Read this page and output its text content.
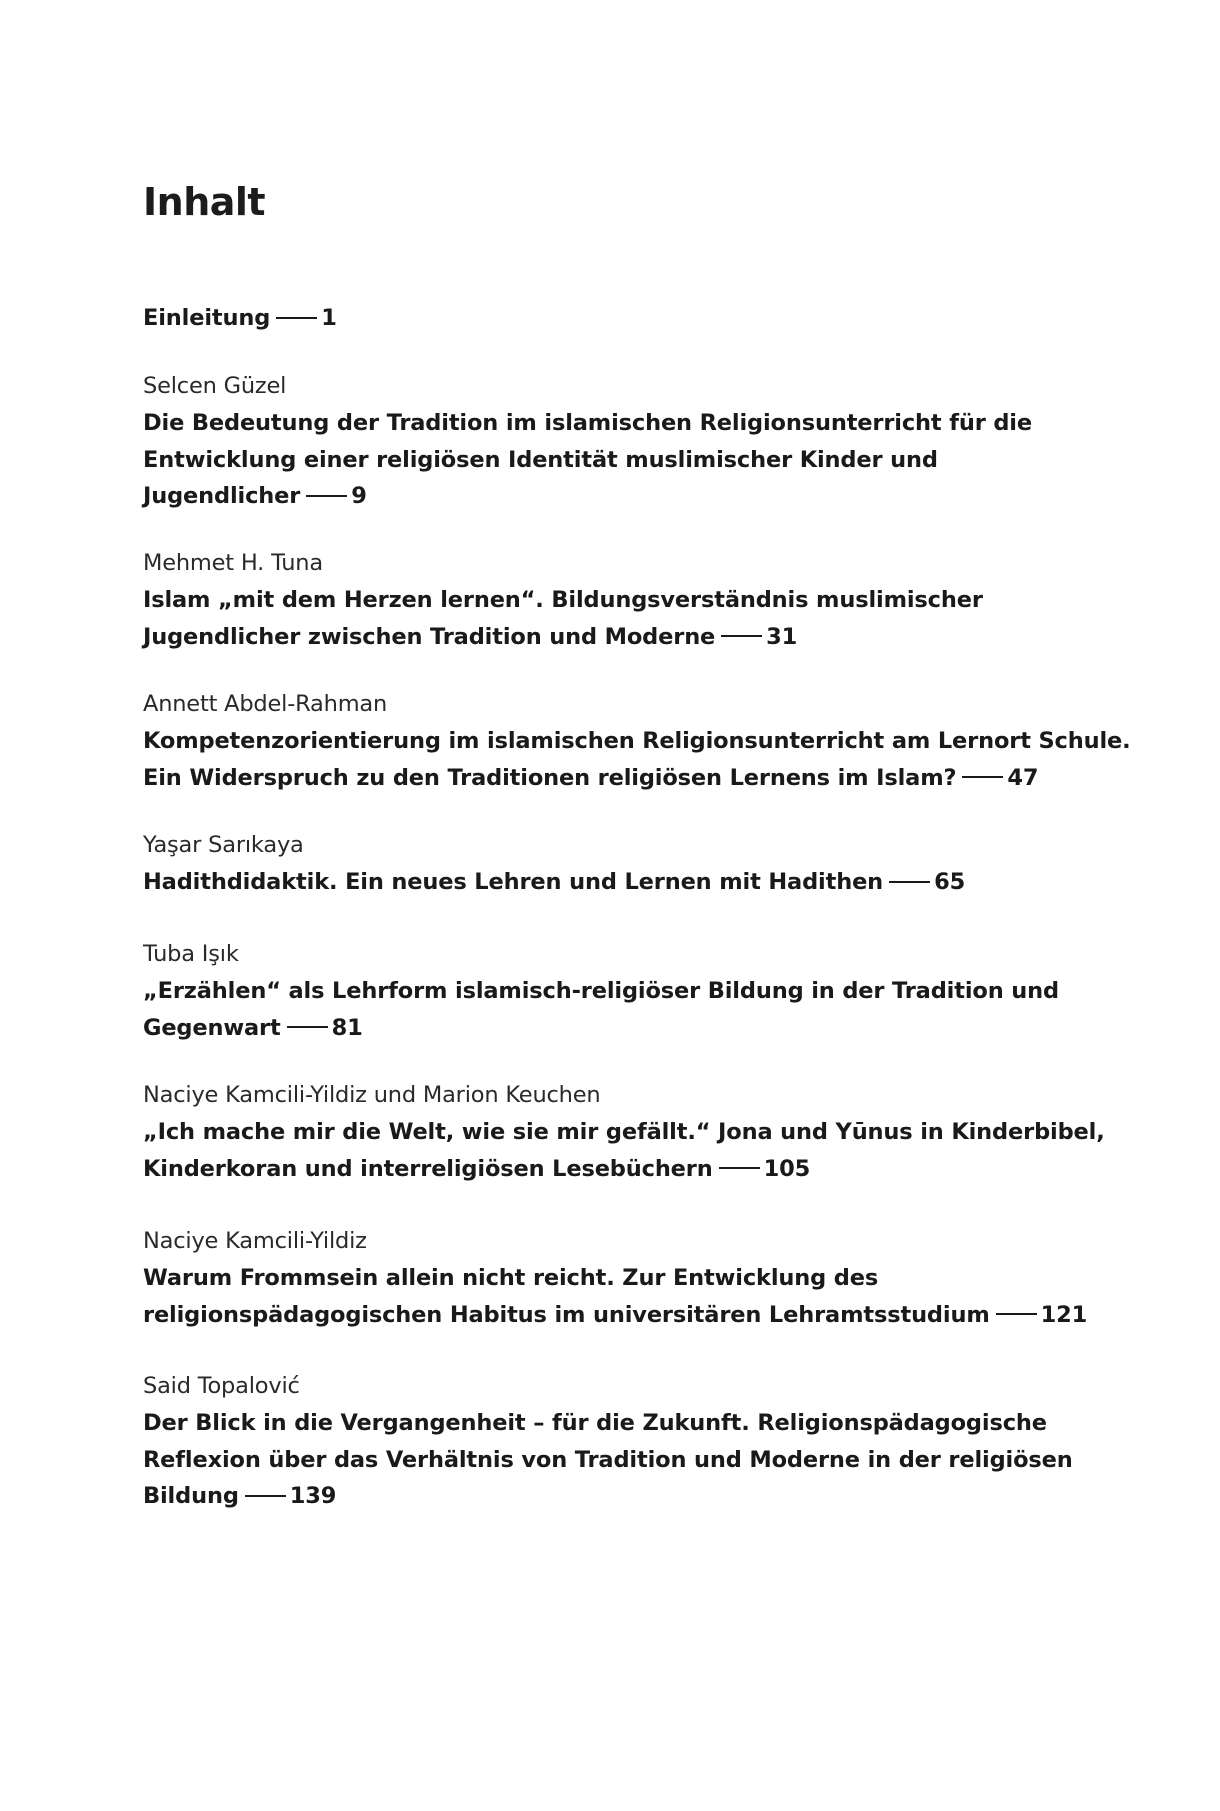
Inhalt
Einleitung 1
Selcen Güzel
Die Bedeutung der Tradition im islamischen Religionsunterricht für die
Entwicklung einer religiösen Identität muslimischer Kinder und
Jugendlicher 9
Mehmet H. Tuna
Islam „mit dem Herzen lernen“. Bildungsverständnis muslimischer
Jugendlicher zwischen Tradition und Moderne 31
Annett Abdel-Rahman
Kompetenzorientierung im islamischen Religionsunterricht am Lernort Schule.
Ein Widerspruch zu den Traditionen religiösen Lernens im Islam? 47
Yaşar Sarıkaya
Hadithdidaktik. Ein neues Lehren und Lernen mit Hadithen 65
Tuba Işık
„Erzählen“ als Lehrform islamisch-religiöser Bildung in der Tradition und
Gegenwart 81
Naciye Kamcili-Yildiz und Marion Keuchen
„Ich mache mir die Welt, wie sie mir gefällt.“ Jona und Yūnus in Kinderbibel,
Kinderkoran und interreligiösen Lesebüchern 105
Naciye Kamcili-Yildiz
Warum Frommsein allein nicht reicht. Zur Entwicklung des
religionspädagogischen Habitus im universitären Lehramtsstudium 121
Said Topalović
Der Blick in die Vergangenheit – für die Zukunft. Religionspädagogische
Reflexion über das Verhältnis von Tradition und Moderne in der religiösen
Bildung 139
